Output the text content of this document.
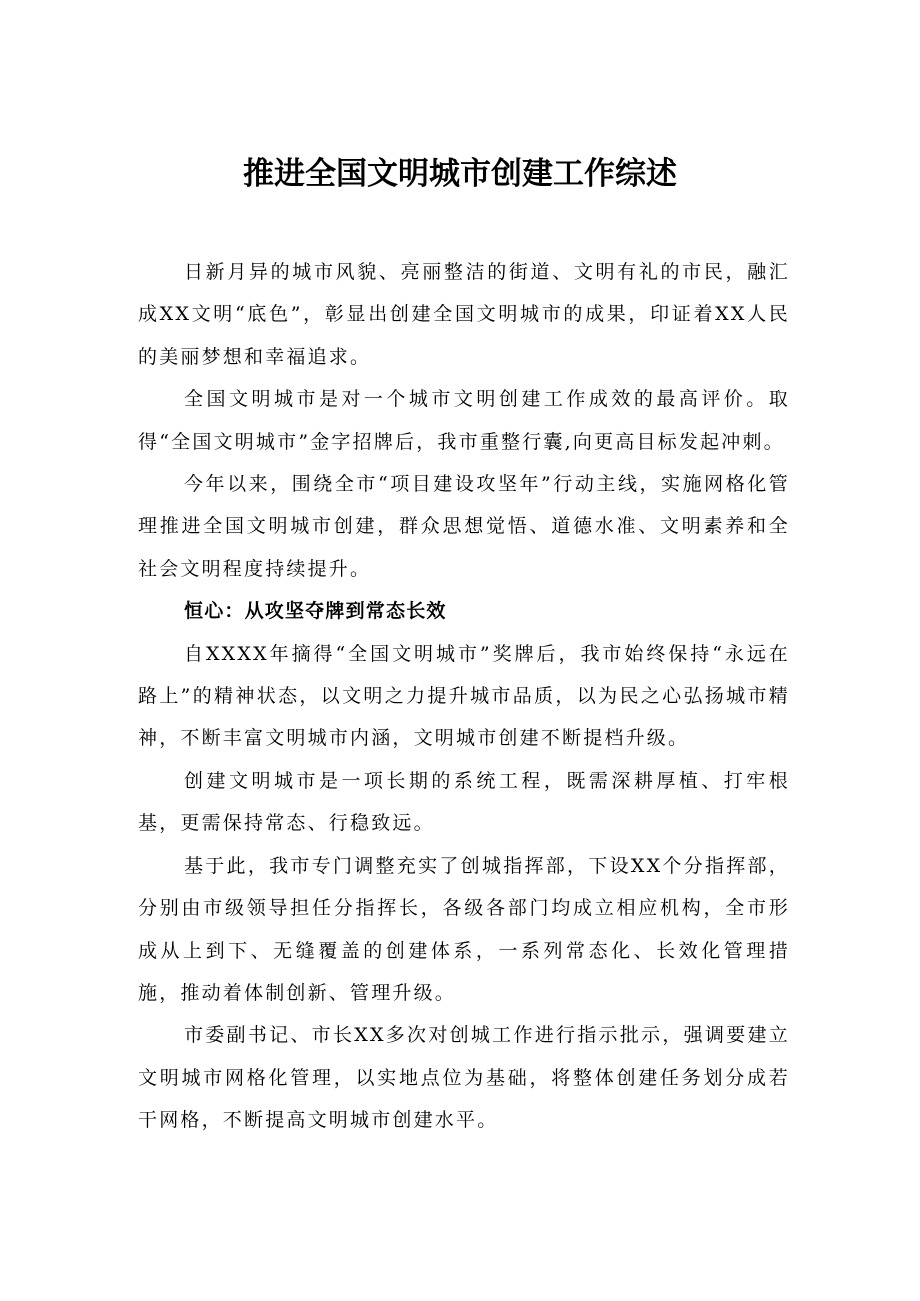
推进全国文明城市创建工作综述

日新月异的城市风貌、亮丽整洁的街道、文明有礼的市民，融汇成XX文明“底色”，彰显出创建全国文明城市的成果，印证着XX人民的美丽梦想和幸福追求。

全国文明城市是对一个城市文明创建工作成效的最高评价。取得“全国文明城市”金字招牌后，我市重整行囊,向更高目标发起冲刺。

今年以来，围绕全市“项目建设攻坚年”行动主线，实施网格化管理推进全国文明城市创建，群众思想觉悟、道德水准、文明素养和全社会文明程度持续提升。

恒心：从攻坚夺牌到常态长效

自XXXX年摘得“全国文明城市”奖牌后，我市始终保持“永远在路上”的精神状态，以文明之力提升城市品质，以为民之心弘扬城市精神，不断丰富文明城市内涵，文明城市创建不断提档升级。

创建文明城市是一项长期的系统工程，既需深耕厚植、打牢根基，更需保持常态、行稳致远。

基于此，我市专门调整充实了创城指挥部，下设XX个分指挥部，分别由市级领导担任分指挥长，各级各部门均成立相应机构，全市形成从上到下、无缝覆盖的创建体系，一系列常态化、长效化管理措施，推动着体制创新、管理升级。

市委副书记、市长XX多次对创城工作进行指示批示，强调要建立文明城市网格化管理，以实地点位为基础，将整体创建任务划分成若干网格，不断提高文明城市创建水平。
